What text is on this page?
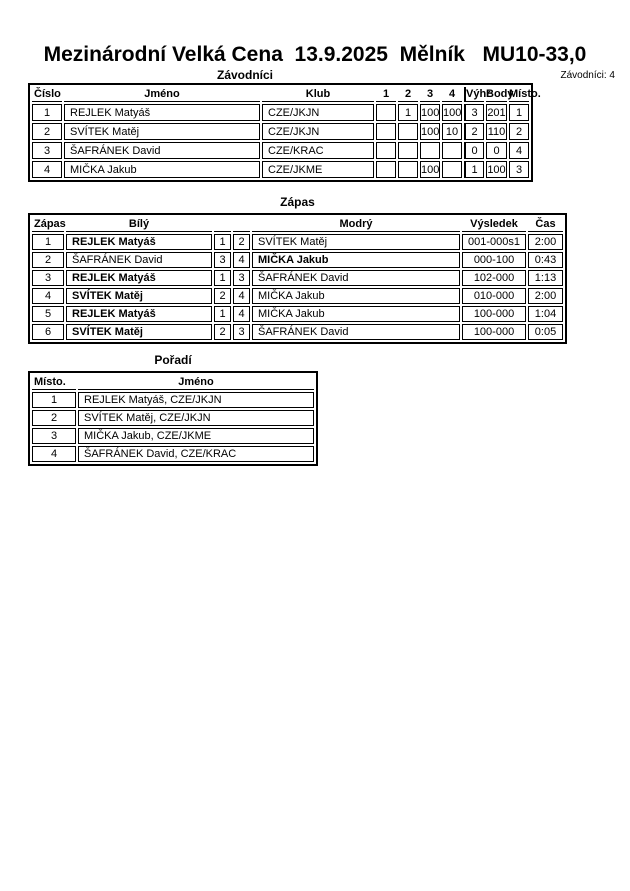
Mezinárodní Velká Cena  13.9.2025  Mělník   MU10-33,0
Závodníci	Závodníci: 4
Číslo	Jméno	Klub	1	2	3	4	Výhr	Body	Místo.
1	REJLEK Matyáš	CZE/JKJN		1	100	100	3	201	1
2	SVÍTEK Matěj	CZE/JKJN			100	10	2	110	2
3	ŠAFRÁNEK David	CZE/KRAC					0	0	4
4	MIČKA Jakub	CZE/JKME			100		1	100	3
Zápas
Zápas	Bílý			Modrý	Výsledek	Čas
1	REJLEK Matyáš	1	2	SVÍTEK Matěj	001-000s1	2:00
2	ŠAFRÁNEK David	3	4	MIČKA Jakub	000-100	0:43
3	REJLEK Matyáš	1	3	ŠAFRÁNEK David	102-000	1:13
4	SVÍTEK Matěj	2	4	MIČKA Jakub	010-000	2:00
5	REJLEK Matyáš	1	4	MIČKA Jakub	100-000	1:04
6	SVÍTEK Matěj	2	3	ŠAFRÁNEK David	100-000	0:05
Pořadí
Místo.	Jméno
1	REJLEK Matyáš, CZE/JKJN
2	SVÍTEK Matěj, CZE/JKJN
3	MIČKA Jakub, CZE/JKME
4	ŠAFRÁNEK David, CZE/KRAC
